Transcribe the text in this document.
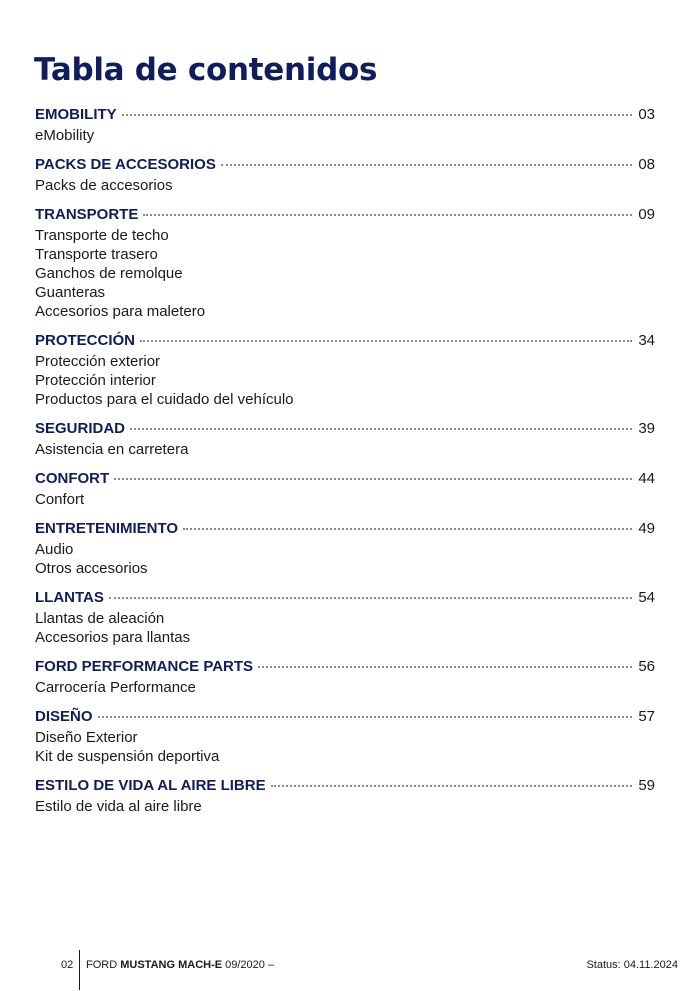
Tabla de contenidos
EMOBILITY	03
eMobility
PACKS DE ACCESORIOS	08
Packs de accesorios
TRANSPORTE	09
Transporte de techo
Transporte trasero
Ganchos de remolque
Guanteras
Accesorios para maletero
PROTECCIÓN	34
Protección exterior
Protección interior
Productos para el cuidado del vehículo
SEGURIDAD	39
Asistencia en carretera
CONFORT	44
Confort
ENTRETENIMIENTO	49
Audio
Otros accesorios
LLANTAS	54
Llantas de aleación
Accesorios para llantas
FORD PERFORMANCE PARTS	56
Carrocería Performance
DISEÑO	57
Diseño Exterior
Kit de suspensión deportiva
ESTILO DE VIDA AL AIRE LIBRE	59
Estilo de vida al aire libre
02 FORD MUSTANG MACH-E 09/2020 –	Status: 04.11.2024
